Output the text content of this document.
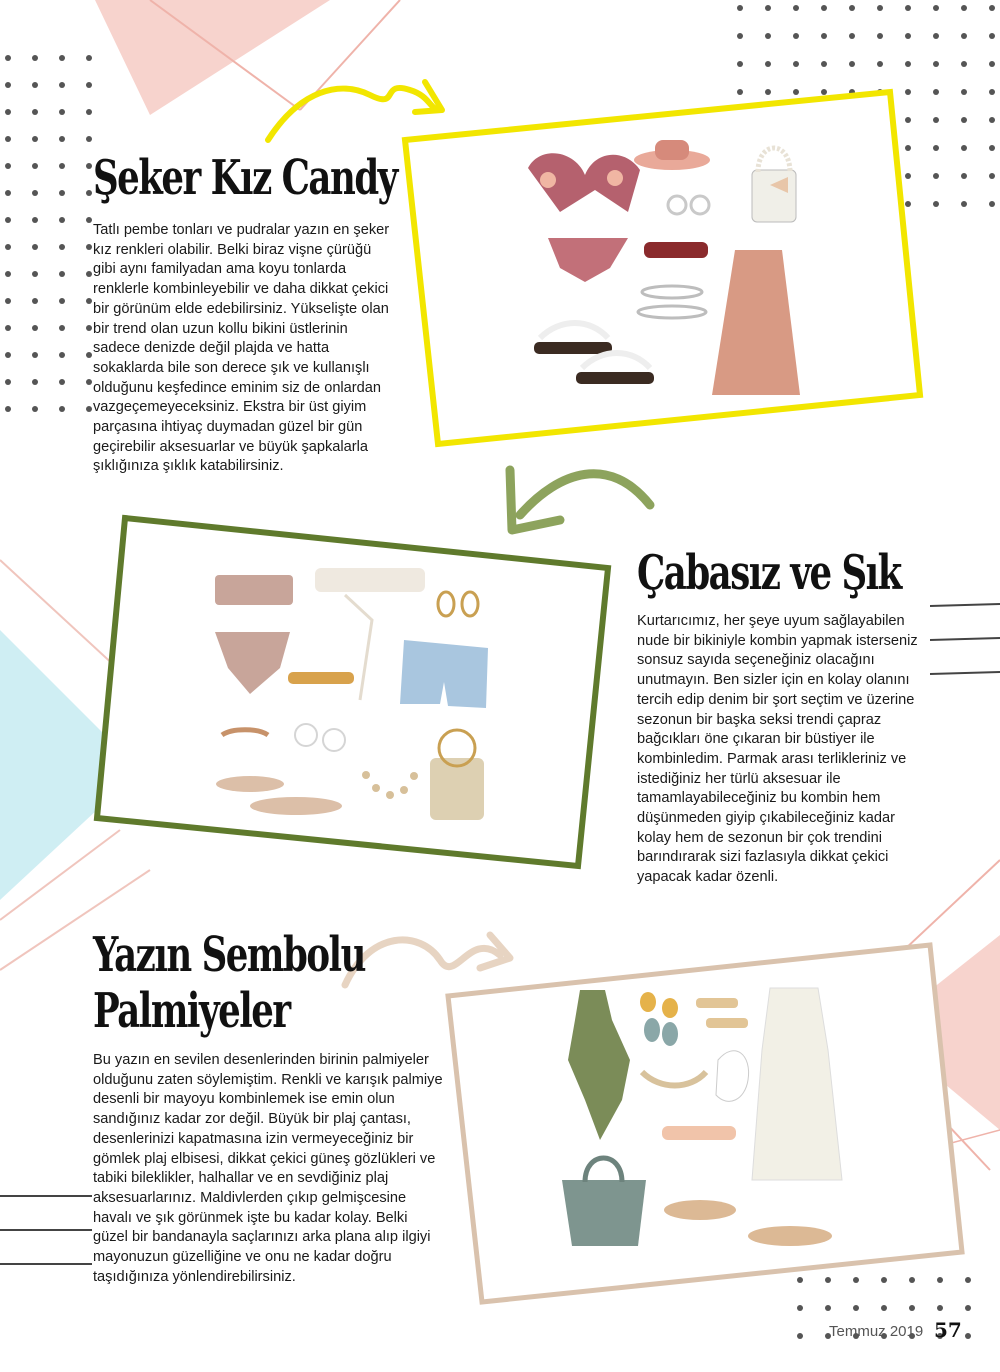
Şeker Kız Candy

Tatlı pembe tonları ve pudralar yazın en şeker kız renkleri olabilir. Belki biraz vişne çürüğü gibi aynı familyadan ama koyu tonlarda renklerle kombinleyebilir ve daha dikkat çekici bir görünüm elde edebilirsiniz. Yükselişte olan bir trend olan uzun kollu bikini üstlerinin sadece denizde değil plajda ve hatta sokaklarda bile son derece şık ve kullanışlı olduğunu keşfedince eminim siz de onlardan vazgeçemeyeceksiniz. Ekstra bir üst giyim parçasına ihtiyaç duymadan güzel bir gün geçirebilir aksesuarlar ve büyük şapkalarla şıklığınıza şıklık katabilirsiniz.

Çabasız ve Şık

Kurtarıcımız, her şeye uyum sağlayabilen nude bir bikiniyle kombin yapmak isterseniz sonsuz sayıda seçeneğiniz olacağını unutmayın. Ben sizler için en kolay olanını tercih edip denim bir şort seçtim ve üzerine sezonun bir başka seksi trendi çapraz bağcıkları öne çıkaran bir büstiyer ile kombinledim. Parmak arası terlikleriniz ve istediğiniz her türlü aksesuar ile tamamlayabileceğiniz bu kombin hem düşünmeden giyip çıkabileceğiniz kadar kolay hem de sezonun bir çok trendini barındırarak sizi fazlasıyla dikkat çekici yapacak kadar özenli.

Yazın Sembolu
Palmiyeler

Bu yazın en sevilen desenlerinden birinin palmiyeler olduğunu zaten söylemiştim. Renkli ve karışık palmiye desenli bir mayoyu kombinlemek ise emin olun sandığınız kadar zor değil. Büyük bir plaj çantası, desenlerinizi kapatmasına izin vermeyeceğiniz bir gömlek plaj elbisesi, dikkat çekici güneş gözlükleri ve tabiki bileklikler, halhallar ve en sevdiğiniz plaj aksesuarlarınız. Maldivlerden çıkıp gelmişcesine havalı ve şık görünmek işte bu kadar kolay. Belki güzel bir bandanayla saçlarınızı arka plana alıp ilgiyi mayonuzun güzelliğine ve onu ne kadar doğru taşıdığınıza yönlendirebilirsiniz.

Temmuz 2019 57
